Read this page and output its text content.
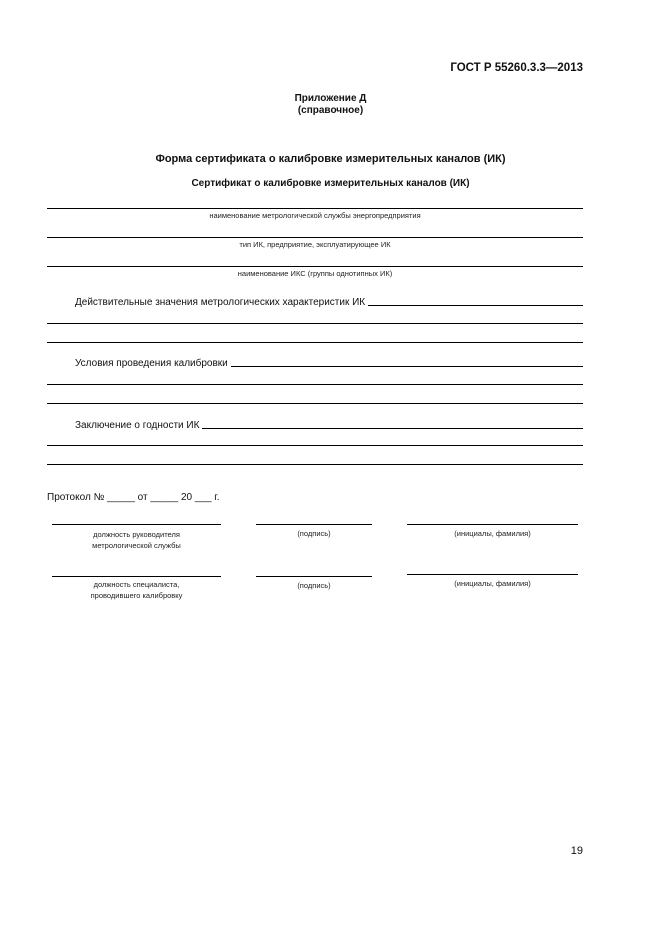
ГОСТ Р 55260.3.3—2013
Приложение Д
(справочное)
Форма сертификата о калибровке измерительных каналов (ИК)
Сертификат о калибровке измерительных каналов (ИК)
наименование метрологической службы энергопредприятия
тип ИК, предприятие, эксплуатирующее ИК
наименование ИКС (группы однотипных ИК)
Действительные значения метрологических характеристик ИК
Условия проведения калибровки
Заключение о годности ИК
Протокол № _____ от _____ 20 ___ г.
должность руководителя
метрологической службы
(подпись)	(инициалы, фамилия)
должность специалиста,
проводившего калибровку
(подпись)	(инициалы, фамилия)
19
